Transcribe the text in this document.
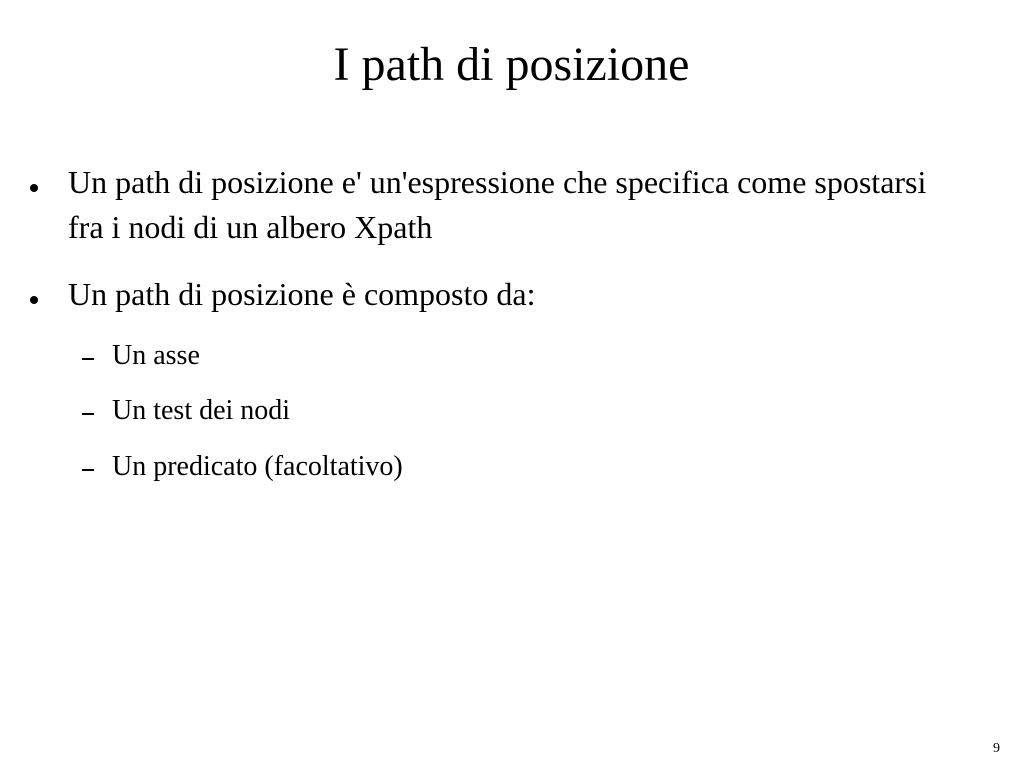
I path di posizione
Un path di posizione e' un'espressione che specifica come spostarsi fra i nodi di un albero Xpath
Un path di posizione è composto da:
Un asse
Un test dei nodi
Un predicato (facoltativo)
9
